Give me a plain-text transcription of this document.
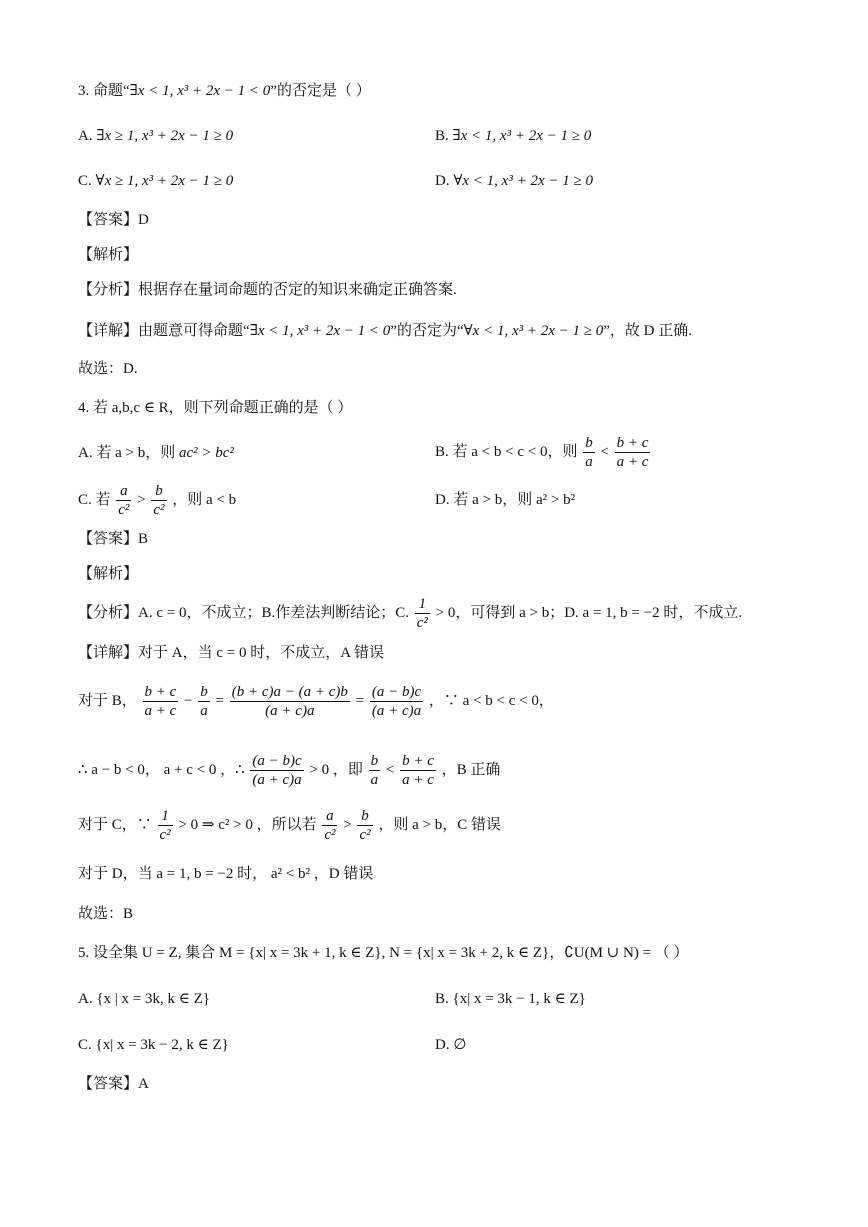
3. 命题“∃x < 1, x³ + 2x − 1 < 0”的否定是（ ）
A. ∃x ≥ 1, x³ + 2x − 1 ≥ 0	B. ∃x < 1, x³ + 2x − 1 ≥ 0
C. ∀x ≥ 1, x³ + 2x − 1 ≥ 0	D. ∀x < 1, x³ + 2x − 1 ≥ 0
【答案】D
【解析】
【分析】根据存在量词命题的否定的知识来确定正确答案.
【详解】由题意可得命题“∃x < 1, x³ + 2x − 1 < 0”的否定为“∀x < 1, x³ + 2x − 1 ≥ 0”，故 D 正确.
故选：D.
4. 若 a,b,c ∈ R，则下列命题正确的是（ ）
A. 若 a > b，则 ac² > bc²	B. 若 a < b < c < 0，则 $\frac{b}{a} < \frac{b + c}{a + c}$
C. 若 $\frac{a}{\text{c²}} > \frac{b}{\text{c²}}$ ，则 a < b	D. 若 a > b，则 a² > b²
【答案】B
【解析】
【分析】A. c = 0，不成立；B.作差法判断结论；C. $\frac{1}{\text{c²}} > 0$，可得到 a > b；D. a = 1, b = −2 时，不成立.
【详解】对于 A，当 c = 0 时，不成立，A 错误
对于 B， $\frac{b + c}{a + c} - \frac{b}{a} = \frac{(b + c)a - (a + c)b}{(a + c)a} = \frac{(a - b)c}{(a + c)a}$ ，∵ a < b < c < 0，
∴ a − b < 0， a + c < 0 ，∴ $\frac{(a - b)c}{(a + c)a} > 0$ ，即 $\frac{b}{a} < \frac{b + c}{a + c}$ ，B 正确
对于 C，∵ $\frac{1}{\text{c²}} > 0$ ⇒ c² > 0 ，所以若 $\frac{a}{\text{c²}} > \frac{b}{\text{c²}}$ ，则 a > b，C 错误
对于 D，当 a = 1, b = −2 时， a² < b² ，D 错误
故选：B
5. 设全集 U = Z, 集合 M = {x| x = 3k + 1, k ∈ Z}, N = {x| x = 3k + 2, k ∈ Z}，∁U(M ∪ N) = （ ）
A. {x | x = 3k, k ∈ Z}	B. {x| x = 3k − 1, k ∈ Z}
C. {x| x = 3k − 2, k ∈ Z}	D. ∅
【答案】A
